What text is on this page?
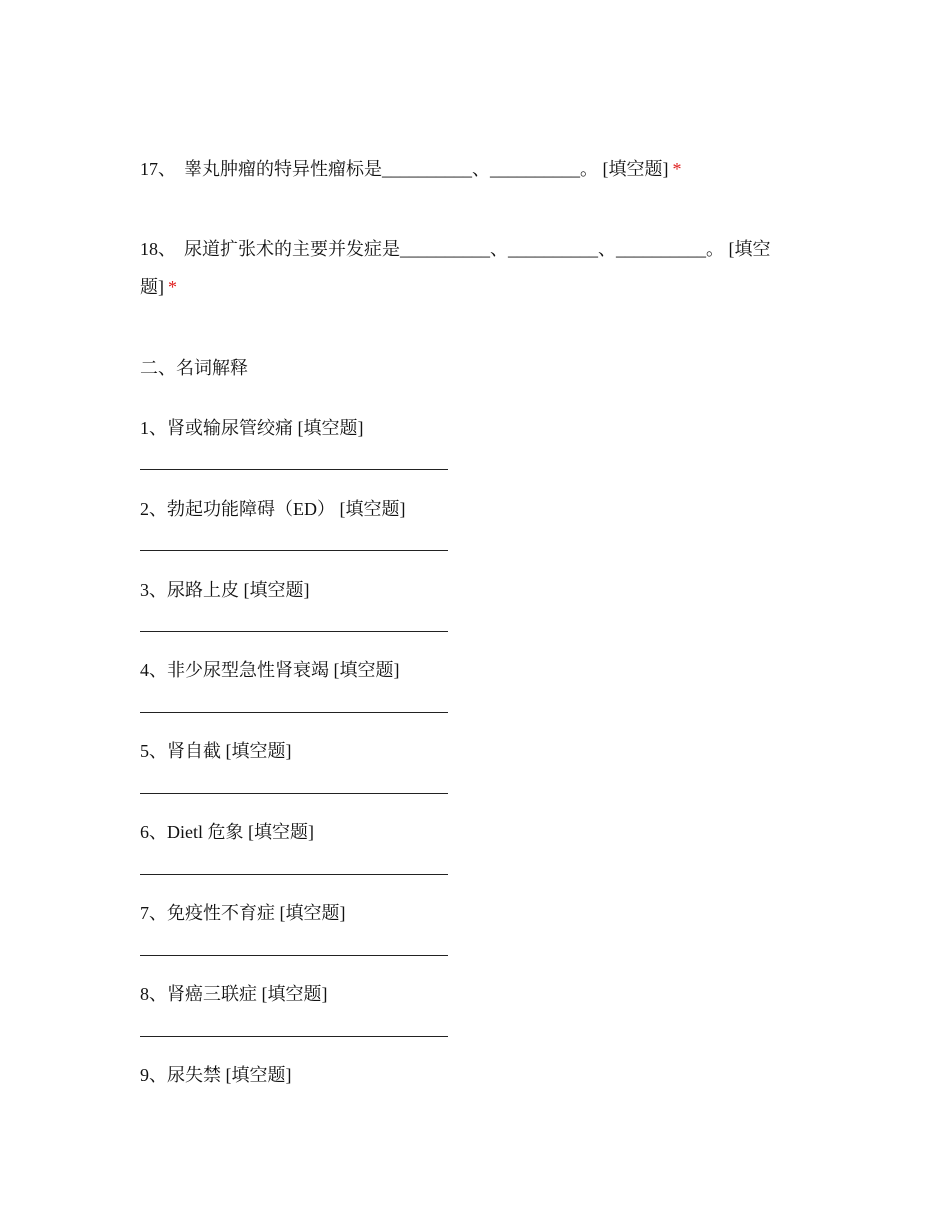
17、 睾丸肿瘤的特异性瘤标是__________、__________。 [填空题] *
18、 尿道扩张术的主要并发症是__________、__________、__________。 [填空题] *
二、名词解释
1、肾或输尿管绞痛 [填空题]
2、勃起功能障碍（ED） [填空题]
3、尿路上皮 [填空题]
4、非少尿型急性肾衰竭 [填空题]
5、肾自截 [填空题]
6、Dietl 危象 [填空题]
7、免疫性不育症 [填空题]
8、肾癌三联症 [填空题]
9、尿失禁 [填空题]
